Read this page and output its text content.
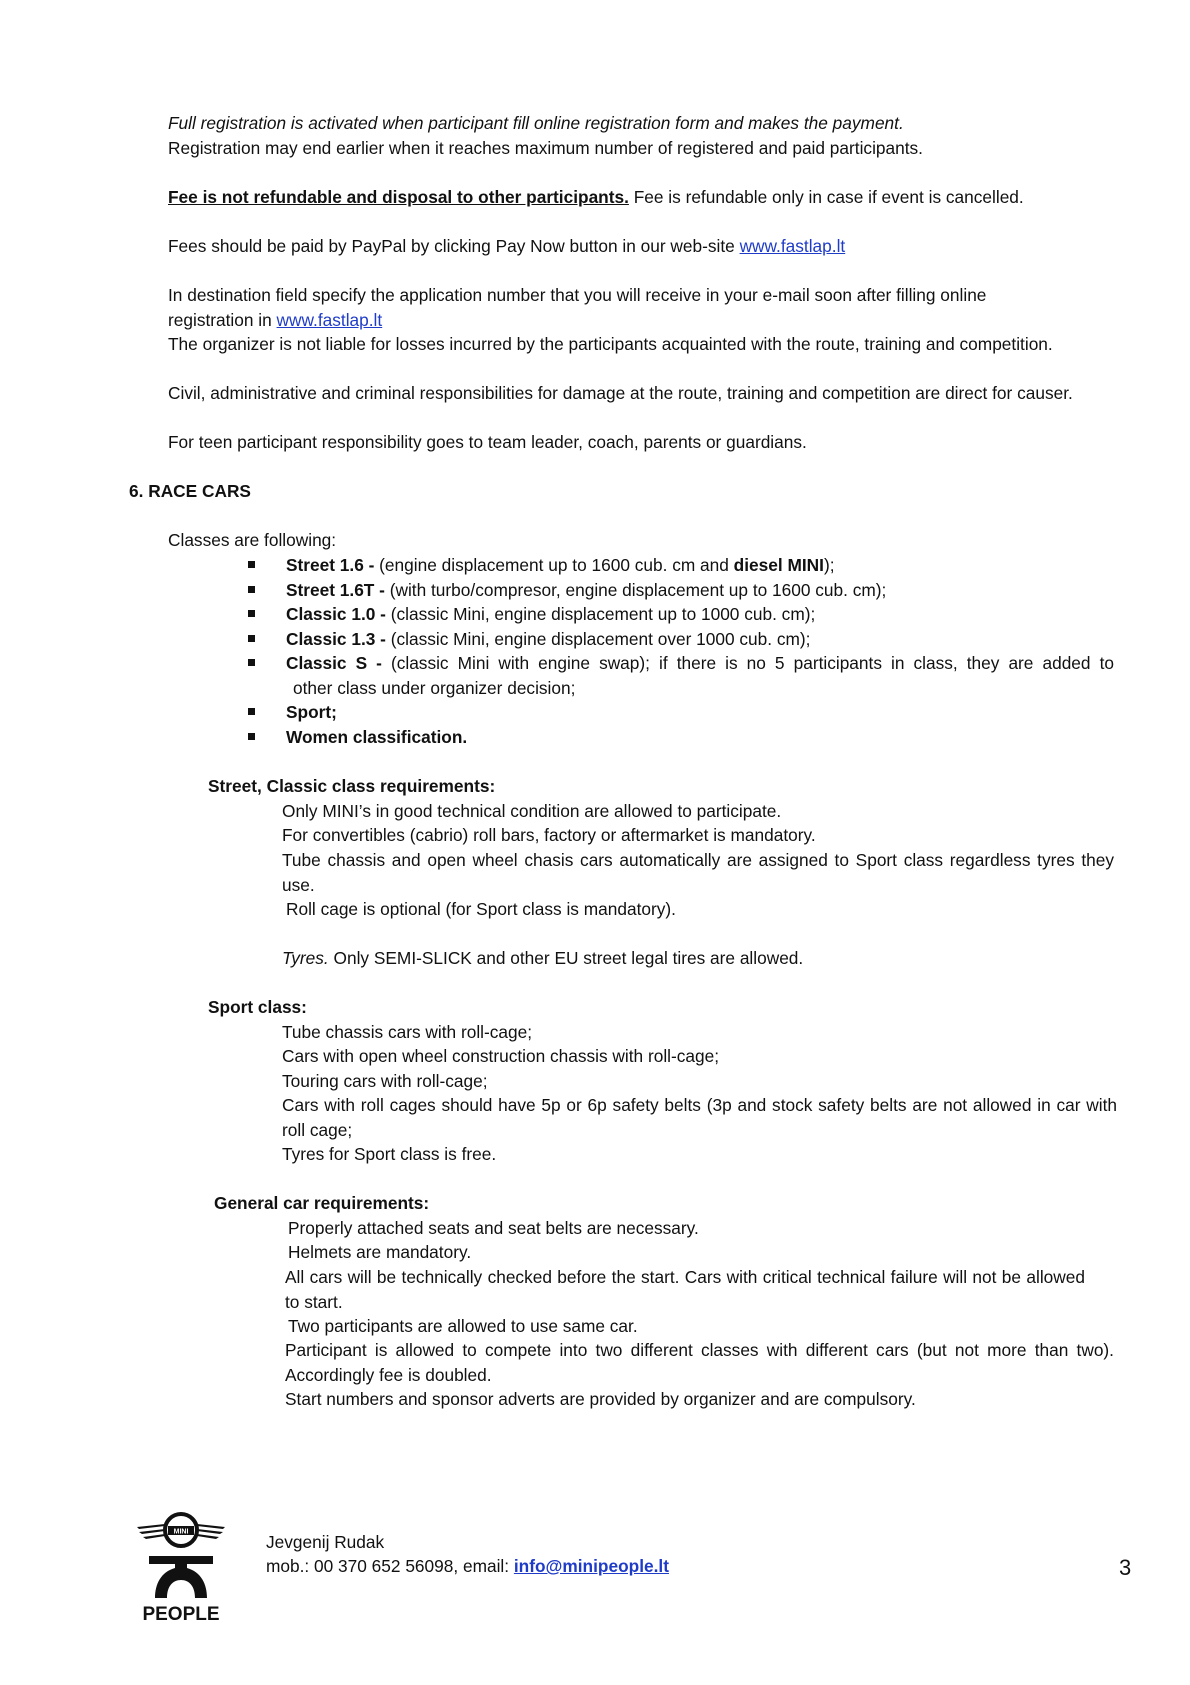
Full registration is activated when participant fill online registration form and makes the payment.
Registration may end earlier when it reaches maximum number of registered and paid participants.
Fee is not refundable and disposal to other participants. Fee is refundable only in case if event is cancelled.
Fees should be paid by PayPal by clicking Pay Now button in our web-site www.fastlap.lt
In destination field specify the application number that you will receive in your e-mail soon after filling online
registration in www.fastlap.lt
The organizer is not liable for losses incurred by the participants acquainted with the route, training and competition.
Civil, administrative and criminal responsibilities for damage at the route, training and competition are direct for causer.
For teen participant responsibility goes to team leader, coach, parents or guardians.
6. RACE CARS
Classes are following:
Street 1.6 - (engine displacement up to 1600 cub. cm and diesel MINI);
Street 1.6T - (with turbo/compresor, engine displacement up to 1600 cub. cm);
Classic 1.0 - (classic Mini, engine displacement up to 1000 cub. cm);
Classic 1.3 - (classic Mini, engine displacement over 1000 cub. cm);
Classic S - (classic Mini with engine swap); if there is no 5 participants in class, they are added to
other class under organizer decision;
Sport;
Women classification.
Street, Classic class requirements:
Only MINI’s in good technical condition are allowed to participate.
For convertibles (cabrio) roll bars, factory or aftermarket is mandatory.
Tube chassis and open wheel chasis cars automatically are assigned to Sport class regardless tyres they use.
Roll cage is optional (for Sport class is mandatory).
Tyres. Only SEMI-SLICK and other EU street legal tires are allowed.
Sport class:
Tube chassis cars with roll-cage;
Cars with open wheel construction chassis with roll-cage;
Touring cars with roll-cage;
Cars with roll cages should have 5p or 6p safety belts (3p and stock safety belts are not allowed in car with roll cage;
Tyres for Sport class is free.
General car requirements:
Properly attached seats and seat belts are necessary.
Helmets are mandatory.
All cars will be technically checked before the start. Cars with critical technical failure will not be allowed to start.
Two participants are allowed to use same car.
Participant is allowed to compete into two different classes with different cars (but not more than two). Accordingly fee is doubled.
Start numbers and sponsor adverts are provided by organizer and are compulsory.
MINI
PEOPLE
Jevgenij Rudak
mob.: 00 370 652 56098, email: info@minipeople.lt	3
